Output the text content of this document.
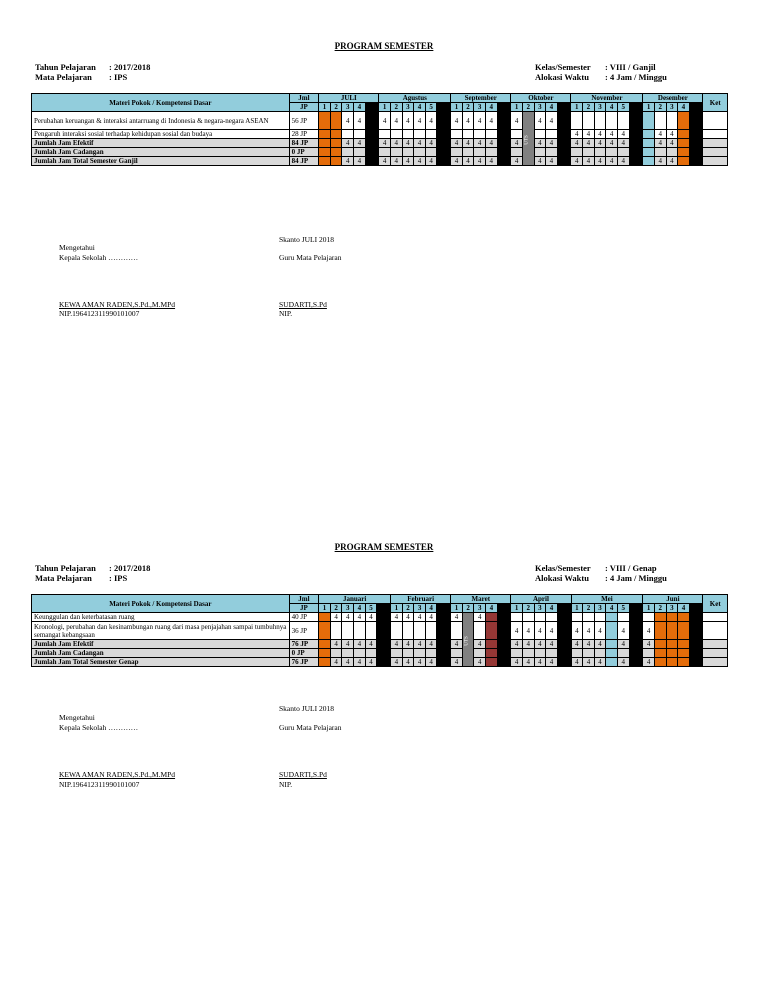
PROGRAM SEMESTER
Tahun Pelajaran : 2017/2018
Mata Pelajaran : IPS
Kelas/Semester : VIII / Ganjil
Alokasi Waktu : 4 Jam / Minggu
Materi Pokok / Kompetensi Dasar	Jml	JULI					Agustus						September					Oktober					November						Desember					Ket
	JP	1	2	3	4		1	2	3	4	5		1	2	3	4		1	2	3	4		1	2	3	4	5		1	2	3	4		
Perubahan keruangan & interaksi antarruang di Indonesia & negara-negara ASEAN	56 JP			4	4		4	4	4	4	4		4	4	4	4		4	UTS	4	4													
Pengaruh interaksi sosial terhadap kehidupan sosial dan budaya	28 JP																						4	4	4	4	4			4	4			
Jumlah Jam Efektif	84 JP			4	4		4	4	4	4	4		4	4	4	4		4		4	4		4	4	4	4	4			4	4			
Jumlah Jam Cadangan	0 JP																																	
Jumlah Jam Total Semester Ganjil	84 JP			4	4		4	4	4	4	4		4	4	4	4		4		4	4		4	4	4	4	4			4	4			
Skanto JULI 2018
Mengetahui
Kepala Sekolah …………	Guru Mata Pelajaran
KEWA AMAN RADEN,S.Pd.,M.MPd
NIP.196412311990101007
SUDARTI,S.Pd
NIP.
PROGRAM SEMESTER
Tahun Pelajaran : 2017/2018
Mata Pelajaran : IPS
Kelas/Semester : VIII / Genap
Alokasi Waktu : 4 Jam / Minggu
Materi Pokok / Kompetensi Dasar	Jml	Januari						Februari					Maret					April					Mei						Juni					Ket
	JP	1	2	3	4	5		1	2	3	4		1	2	3	4		1	2	3	4		1	2	3	4	5		1	2	3	4		
Keunggulan dan keterbatasan ruang	40 JP		4	4	4	4		4	4	4	4		4	UTS	4																			
Kronologi, perubahan dan kesinambungan ruang dari masa penjajahan sampai tumbuhnya semangat kebangsaan	36 JP																	4	4	4	4		4	4	4		4		4					
Jumlah Jam Efektif	76 JP		4	4	4	4		4	4	4	4		4		4			4	4	4	4		4	4	4		4		4					
Jumlah Jam Cadangan	0 JP																																	
Jumlah Jam Total Semester Genap	76 JP		4	4	4	4		4	4	4	4		4		4			4	4	4	4		4	4	4		4		4					
Skanto JULI 2018
Mengetahui
Kepala Sekolah …………	Guru Mata Pelajaran
KEWA AMAN RADEN,S.Pd.,M.MPd
NIP.196412311990101007
SUDARTI,S.Pd
NIP.
